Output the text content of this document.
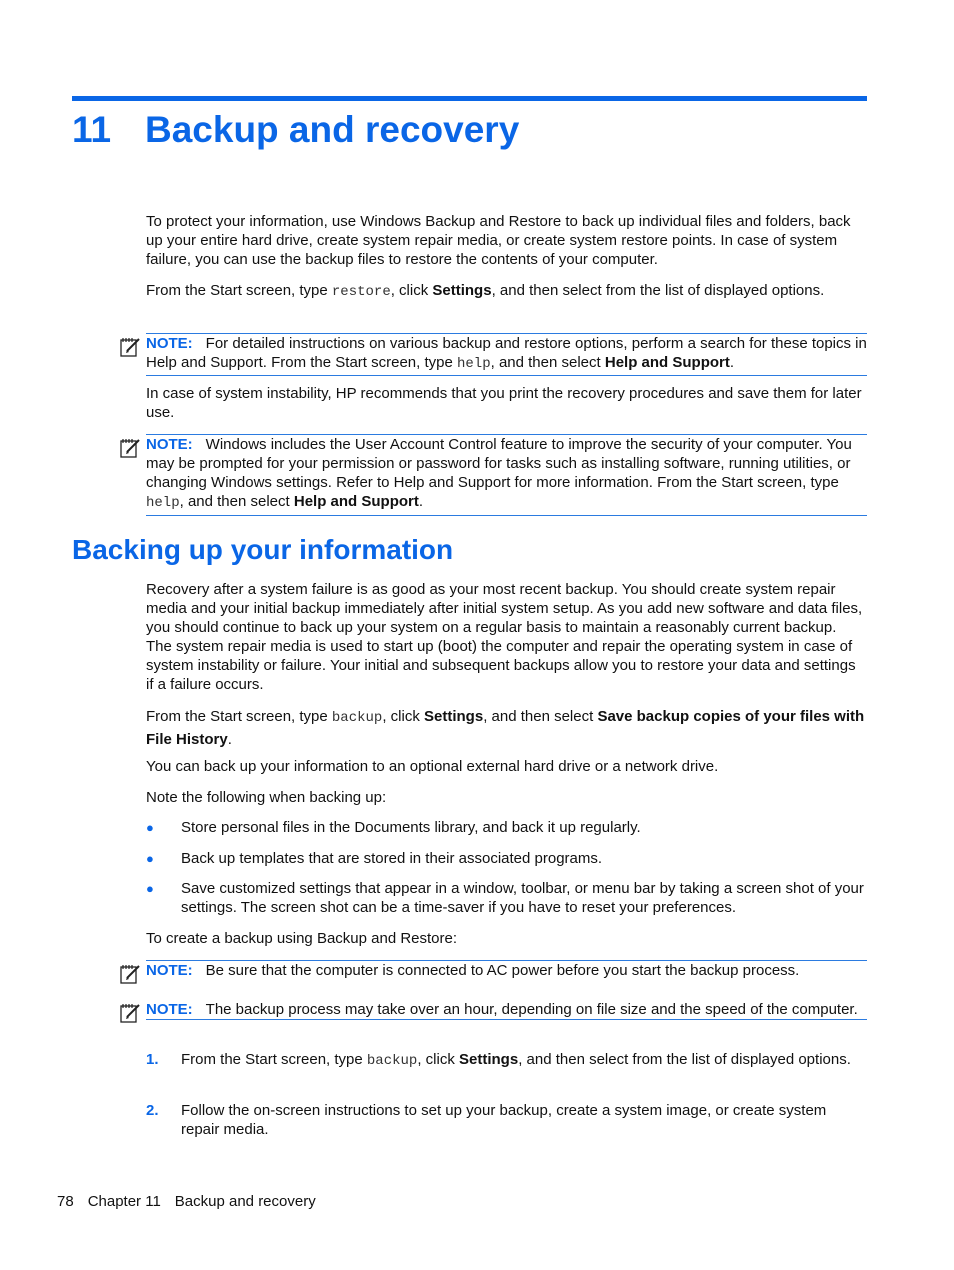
11 Backup and recovery

To protect your information, use Windows Backup and Restore to back up individual files and folders, back up your entire hard drive, create system repair media, or create system restore points. In case of system failure, you can use the backup files to restore the contents of your computer.

From the Start screen, type restore, click Settings, and then select from the list of displayed options.

NOTE: For detailed instructions on various backup and restore options, perform a search for these topics in Help and Support. From the Start screen, type help, and then select Help and Support.

In case of system instability, HP recommends that you print the recovery procedures and save them for later use.

NOTE: Windows includes the User Account Control feature to improve the security of your computer. You may be prompted for your permission or password for tasks such as installing software, running utilities, or changing Windows settings. Refer to Help and Support for more information. From the Start screen, type help, and then select Help and Support.

Backing up your information

Recovery after a system failure is as good as your most recent backup. You should create system repair media and your initial backup immediately after initial system setup. As you add new software and data files, you should continue to back up your system on a regular basis to maintain a reasonably current backup. The system repair media is used to start up (boot) the computer and repair the operating system in case of system instability or failure. Your initial and subsequent backups allow you to restore your data and settings if a failure occurs.

From the Start screen, type backup, click Settings, and then select Save backup copies of your files with File History.

You can back up your information to an optional external hard drive or a network drive.

Note the following when backing up:

● Store personal files in the Documents library, and back it up regularly.
● Back up templates that are stored in their associated programs.
● Save customized settings that appear in a window, toolbar, or menu bar by taking a screen shot of your settings. The screen shot can be a time-saver if you have to reset your preferences.

To create a backup using Backup and Restore:

NOTE: Be sure that the computer is connected to AC power before you start the backup process.

NOTE: The backup process may take over an hour, depending on file size and the speed of the computer.

1. From the Start screen, type backup, click Settings, and then select from the list of displayed options.
2. Follow the on-screen instructions to set up your backup, create a system image, or create system repair media.
78 Chapter 11 Backup and recovery
